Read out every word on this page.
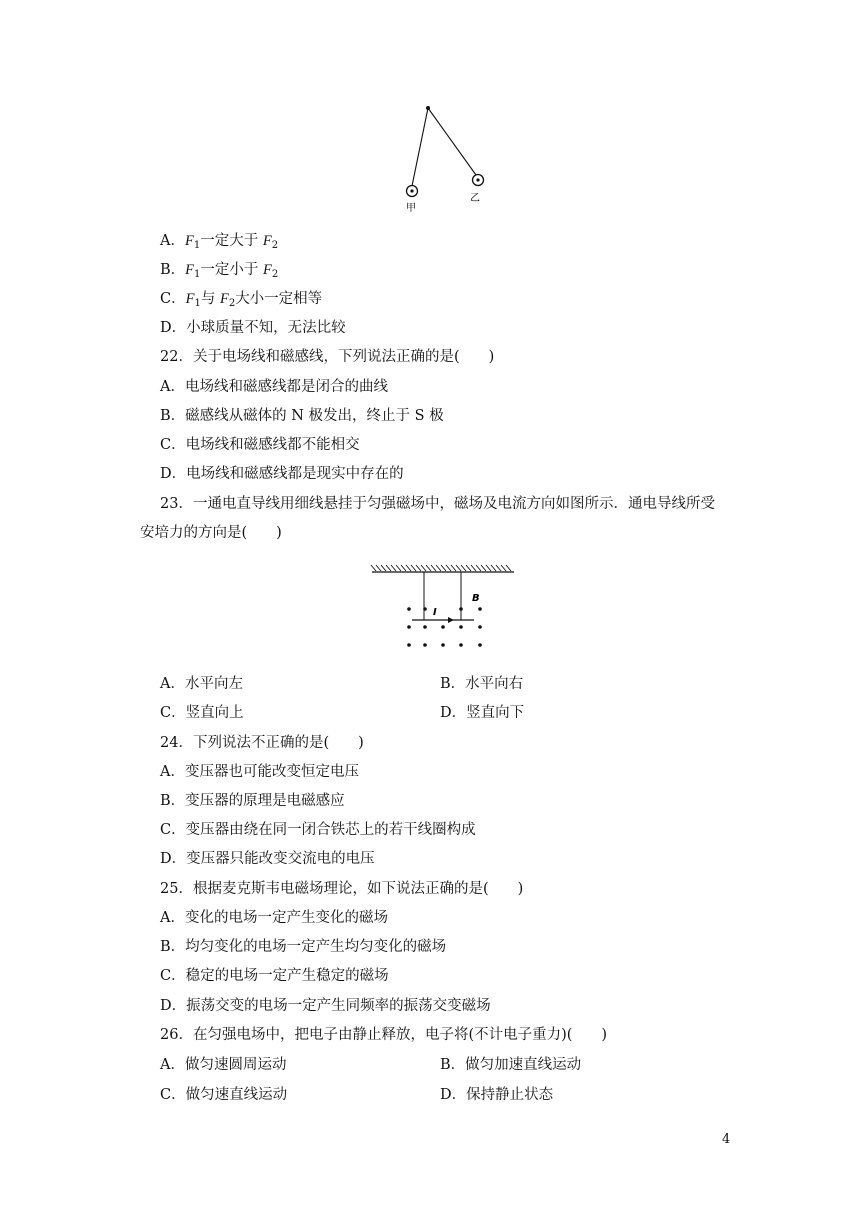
甲
乙
A．$F_1$一定大于 $F_2$
B．$F_1$一定小于 $F_2$
C．$F_1$与 $F_2$大小一定相等
D．小球质量不知，无法比较
22．关于电场线和磁感线，下列说法正确的是(　　)
A．电场线和磁感线都是闭合的曲线
B．磁感线从磁体的 N 极发出，终止于 S 极
C．电场线和磁感线都不能相交
D．电场线和磁感线都是现实中存在的
23．一通电直导线用细线悬挂于匀强磁场中，磁场及电流方向如图所示．通电导线所受
安培力的方向是(　　)
I
B
A．水平向左	B．水平向右
C．竖直向上	D．竖直向下
24．下列说法不正确的是(　　)
A．变压器也可能改变恒定电压
B．变压器的原理是电磁感应
C．变压器由绕在同一闭合铁芯上的若干线圈构成
D．变压器只能改变交流电的电压
25．根据麦克斯韦电磁场理论，如下说法正确的是(　　)
A．变化的电场一定产生变化的磁场
B．均匀变化的电场一定产生均匀变化的磁场
C．稳定的电场一定产生稳定的磁场
D．振荡交变的电场一定产生同频率的振荡交变磁场
26．在匀强电场中，把电子由静止释放，电子将(不计电子重力)(　　)
A．做匀速圆周运动	B．做匀加速直线运动
C．做匀速直线运动	D．保持静止状态
4
